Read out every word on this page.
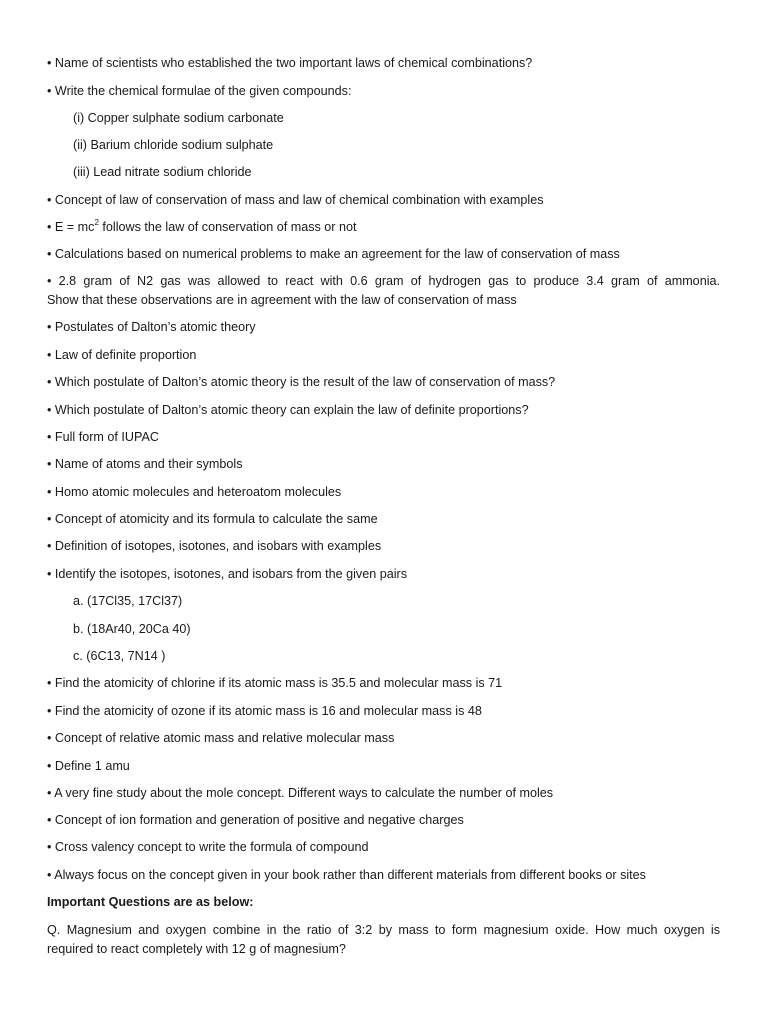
• Name of scientists who established the two important laws of chemical combinations?
• Write the chemical formulae of the given compounds:
(i) Copper sulphate sodium carbonate
(ii) Barium chloride sodium sulphate
(iii) Lead nitrate sodium chloride
• Concept of law of conservation of mass and law of chemical combination with examples
• $E = mc^2$ follows the law of conservation of mass or not
• Calculations based on numerical problems to make an agreement for the law of conservation of mass
• 2.8 gram of N2 gas was allowed to react with 0.6 gram of hydrogen gas to produce 3.4 gram of ammonia.
Show that these observations are in agreement with the law of conservation of mass
• Postulates of Dalton’s atomic theory
• Law of definite proportion
• Which postulate of Dalton’s atomic theory is the result of the law of conservation of mass?
• Which postulate of Dalton’s atomic theory can explain the law of definite proportions?
• Full form of IUPAC
• Name of atoms and their symbols
• Homo atomic molecules and heteroatom molecules
• Concept of atomicity and its formula to calculate the same
• Definition of isotopes, isotones, and isobars with examples
• Identify the isotopes, isotones, and isobars from the given pairs
a. (17Cl35, 17Cl37)
b. (18Ar40, 20Ca 40)
c. (6C13, 7N14 )
• Find the atomicity of chlorine if its atomic mass is 35.5 and molecular mass is 71
• Find the atomicity of ozone if its atomic mass is 16 and molecular mass is 48
• Concept of relative atomic mass and relative molecular mass
• Define 1 amu
• A very fine study about the mole concept. Different ways to calculate the number of moles
• Concept of ion formation and generation of positive and negative charges
• Cross valency concept to write the formula of compound
• Always focus on the concept given in your book rather than different materials from different books or sites
Important Questions are as below:
Q. Magnesium and oxygen combine in the ratio of 3:2 by mass to form magnesium oxide. How much oxygen is
required to react completely with 12 g of magnesium?
